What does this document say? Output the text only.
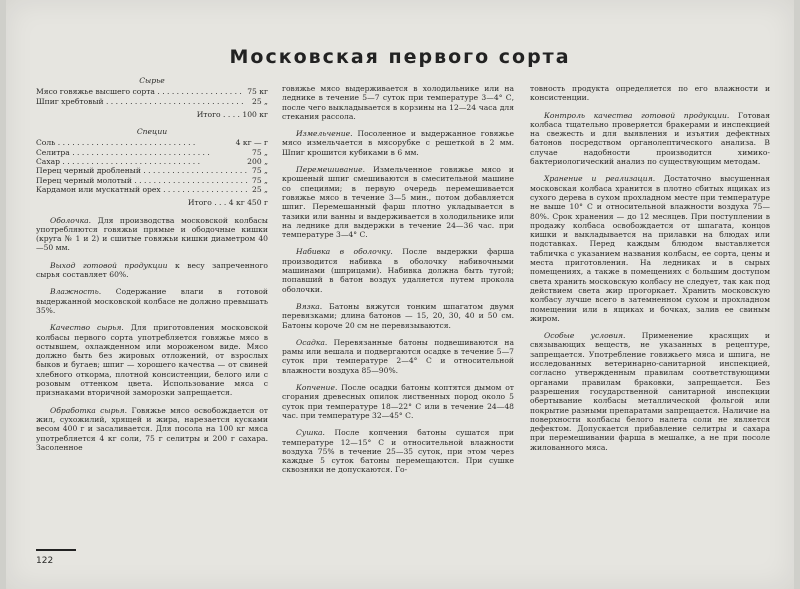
Московская первого сорта
Сырье
Мясо говяжье высшего сорта . . .	75 кг
Шпиг хребтовый . . .	25 „
Итого . . . . 100 кг
Специи
Соль . . .	4 кг — г
Селитра . . .	75 „
Сахар . . .	200 „
Перец черный дробленый . . .	75 „
Перец черный молотый . . .	75 „
Кардамон или мускатный орех . . .	25 „
Итого . . . 4 кг 450 г

Оболочка. Для производства московской колбасы употребляются говяжьи прямые и ободочные кишки (круга № 1 и 2) и сшитые говяжьи кишки диаметром 40—50 мм.

Выход готовой продукции к весу запреченного сырья составляет 60%.

Влажность. Содержание влаги в готовой выдержанной московской колбасе не должно превышать 35%.

Качество сырья. Для приготовления московской колбасы первого сорта употребляется говяжье мясо в остывшем, охлажденном или мороженом виде. Мясо должно быть без жировых отложений, от взрослых быков и бугаев; шпиг — хорошего качества — от свиней хлебного откорма, плотной консистенции, белого или с розовым оттенком цвета. Использование мяса с признаками вторичной заморозки запрещается.

Обработка сырья. Говяжье мясо освобождается от жил, сухожилий, хрящей и жира, нарезается кусками весом 400 г и засаливается. Для посола на 100 кг мяса употребляется 4 кг соли, 75 г селитры и 200 г сахара. Засоленное

говяжье мясо выдерживается в холодильнике или на леднике в течение 5—7 суток при температуре 3—4° С, после чего выкладывается в корзины на 12—24 часа для стекания рассола.

Измельчение. Посоленное и выдержанное говяжье мясо измельчается в мясорубке с решеткой в 2 мм. Шпиг крошится кубиками в 6 мм.

Перемешивание. Измельченное говяжье мясо и крошеный шпиг смешиваются в смесительной машине со специями; в первую очередь перемешивается говяжье мясо в течение 3—5 мин., потом добавляется шпиг. Перемешанный фарш плотно укладывается в тазики или ванны и выдерживается в холодильнике или на леднике для выдержки в течение 24—36 час. при температуре 3—4° С.

Набивка в оболочку. После выдержки фарша производится набивка в оболочку набивочными машинами (шприцами). Набивка должна быть тугой; попавший в батон воздух удаляется путем прокола оболочки.

Вязка. Батоны вяжутся тонким шпагатом двумя перевязками; длина батонов — 15, 20, 30, 40 и 50 см. Батоны короче 20 см не перевязываются.

Осадка. Перевязанные батоны подвешиваются на рамы или вешала и подвергаются осадке в течение 5—7 суток при температуре 2—4° С и относительной влажности воздуха 85—90%.

Копчение. После осадки батоны коптятся дымом от сгорания древесных опилок лиственных пород около 5 суток при температуре 18—22° С или в течение 24—48 час. при температуре 32—45° С.

Сушка. После копчения батоны сушатся при температуре 12—15° С и относительной влажности воздуха 75% в течение 25—35 суток, при этом через каждые 5 суток батоны перемещаются. При сушке сквозняки не допускаются. Го-

товность продукта определяется по его влажности и консистенции.

Контроль качества готовой продукции. Готовая колбаса тщательно проверяется бракерами и инспекцией на свежесть и для выявления и изъятия дефектных батонов посредством органолептического анализа. В случае надобности производится химико-бактериологический анализ по существующим методам.

Хранение и реализация. Достаточно высушенная московская колбаса хранится в плотно сбитых ящиках из сухого дерева в сухом прохладном месте при температуре не выше 10° С и относительной влажности воздуха 75—80%. Срок хранения — до 12 месяцев. При поступлении в продажу колбаса освобождается от шпагата, концов кишки и выкладывается на прилавки на блюдах или подставках. Перед каждым блюдом выставляется табличка с указанием названия колбасы, ее сорта, цены и места приготовления. На ледниках и в сырых помещениях, а также в помещениях с большим доступом света хранить московскую колбасу не следует, так как под действием света жир прогоркает. Хранить московскую колбасу лучше всего в затемненном сухом и прохладном помещении или в ящиках и бочках, залив ее свиным жиром.

Особые условия. Применение красящих и связывающих веществ, не указанных в рецептуре, запрещается. Употребление говяжьего мяса и шпига, не исследованных ветеринарно-санитарной инспекцией, согласно утвержденным правилам соответствующими органами правилам браковки, запрещается. Без разрешения государственной санитарной инспекции обертывание колбасы металлической фольгой или покрытие разными препаратами запрещается. Наличие на поверхности колбасы белого налета соли не является дефектом. Допускается прибавление селитры и сахара при перемешивании фарша в мешалке, а не при посоле жилованного мяса.

122
